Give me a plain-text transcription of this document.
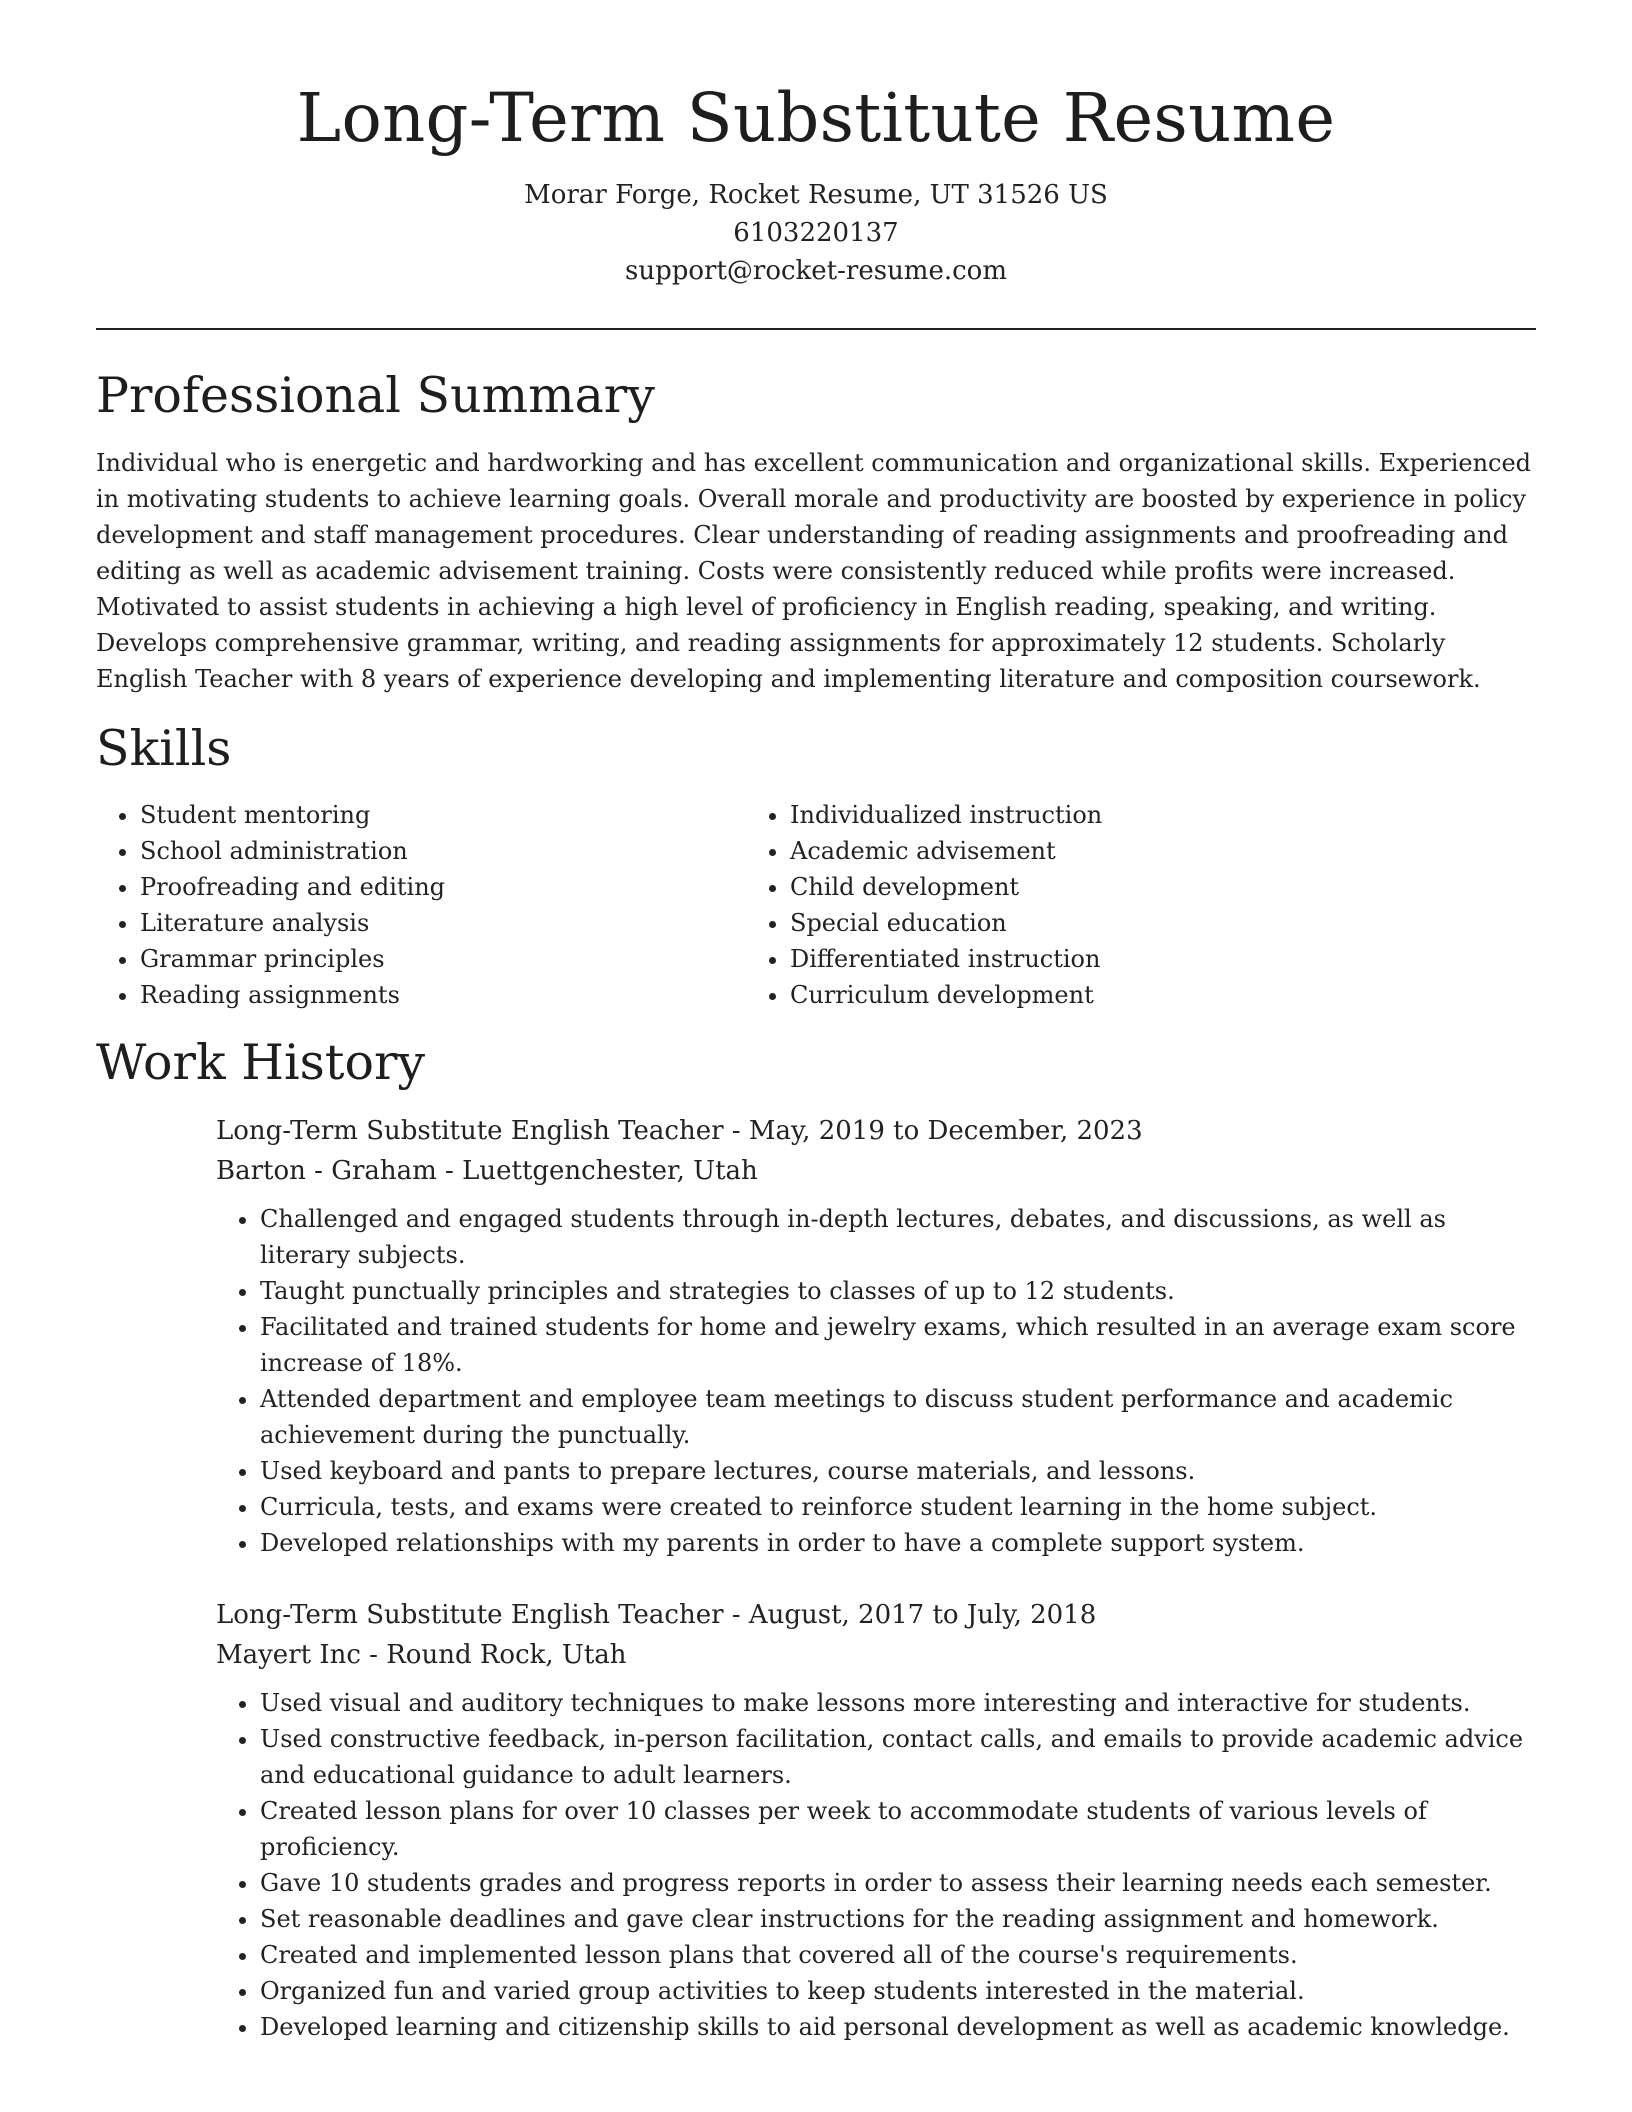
Long-Term Substitute Resume
Morar Forge, Rocket Resume, UT 31526 US
6103220137
support@rocket-resume.com
Professional Summary

Individual who is energetic and hardworking and has excellent communication and organizational skills. Experienced in motivating students to achieve learning goals. Overall morale and productivity are boosted by experience in policy development and staff management procedures. Clear understanding of reading assignments and proofreading and editing as well as academic advisement training. Costs were consistently reduced while profits were increased. Motivated to assist students in achieving a high level of proficiency in English reading, speaking, and writing. Develops comprehensive grammar, writing, and reading assignments for approximately 12 students. Scholarly English Teacher with 8 years of experience developing and implementing literature and composition coursework.

Skills
• Student mentoring
• School administration
• Proofreading and editing
• Literature analysis
• Grammar principles
• Reading assignments
• Individualized instruction
• Academic advisement
• Child development
• Special education
• Differentiated instruction
• Curriculum development
Work History
Long-Term Substitute English Teacher - May, 2019 to December, 2023
Barton - Graham - Luettgenchester, Utah
• Challenged and engaged students through in-depth lectures, debates, and discussions, as well as literary subjects.
• Taught punctually principles and strategies to classes of up to 12 students.
• Facilitated and trained students for home and jewelry exams, which resulted in an average exam score increase of 18%.
• Attended department and employee team meetings to discuss student performance and academic achievement during the punctually.
• Used keyboard and pants to prepare lectures, course materials, and lessons.
• Curricula, tests, and exams were created to reinforce student learning in the home subject.
• Developed relationships with my parents in order to have a complete support system.
Long-Term Substitute English Teacher - August, 2017 to July, 2018
Mayert Inc - Round Rock, Utah
• Used visual and auditory techniques to make lessons more interesting and interactive for students.
• Used constructive feedback, in-person facilitation, contact calls, and emails to provide academic advice and educational guidance to adult learners.
• Created lesson plans for over 10 classes per week to accommodate students of various levels of proficiency.
• Gave 10 students grades and progress reports in order to assess their learning needs each semester.
• Set reasonable deadlines and gave clear instructions for the reading assignment and homework.
• Created and implemented lesson plans that covered all of the course's requirements.
• Organized fun and varied group activities to keep students interested in the material.
• Developed learning and citizenship skills to aid personal development as well as academic knowledge.
